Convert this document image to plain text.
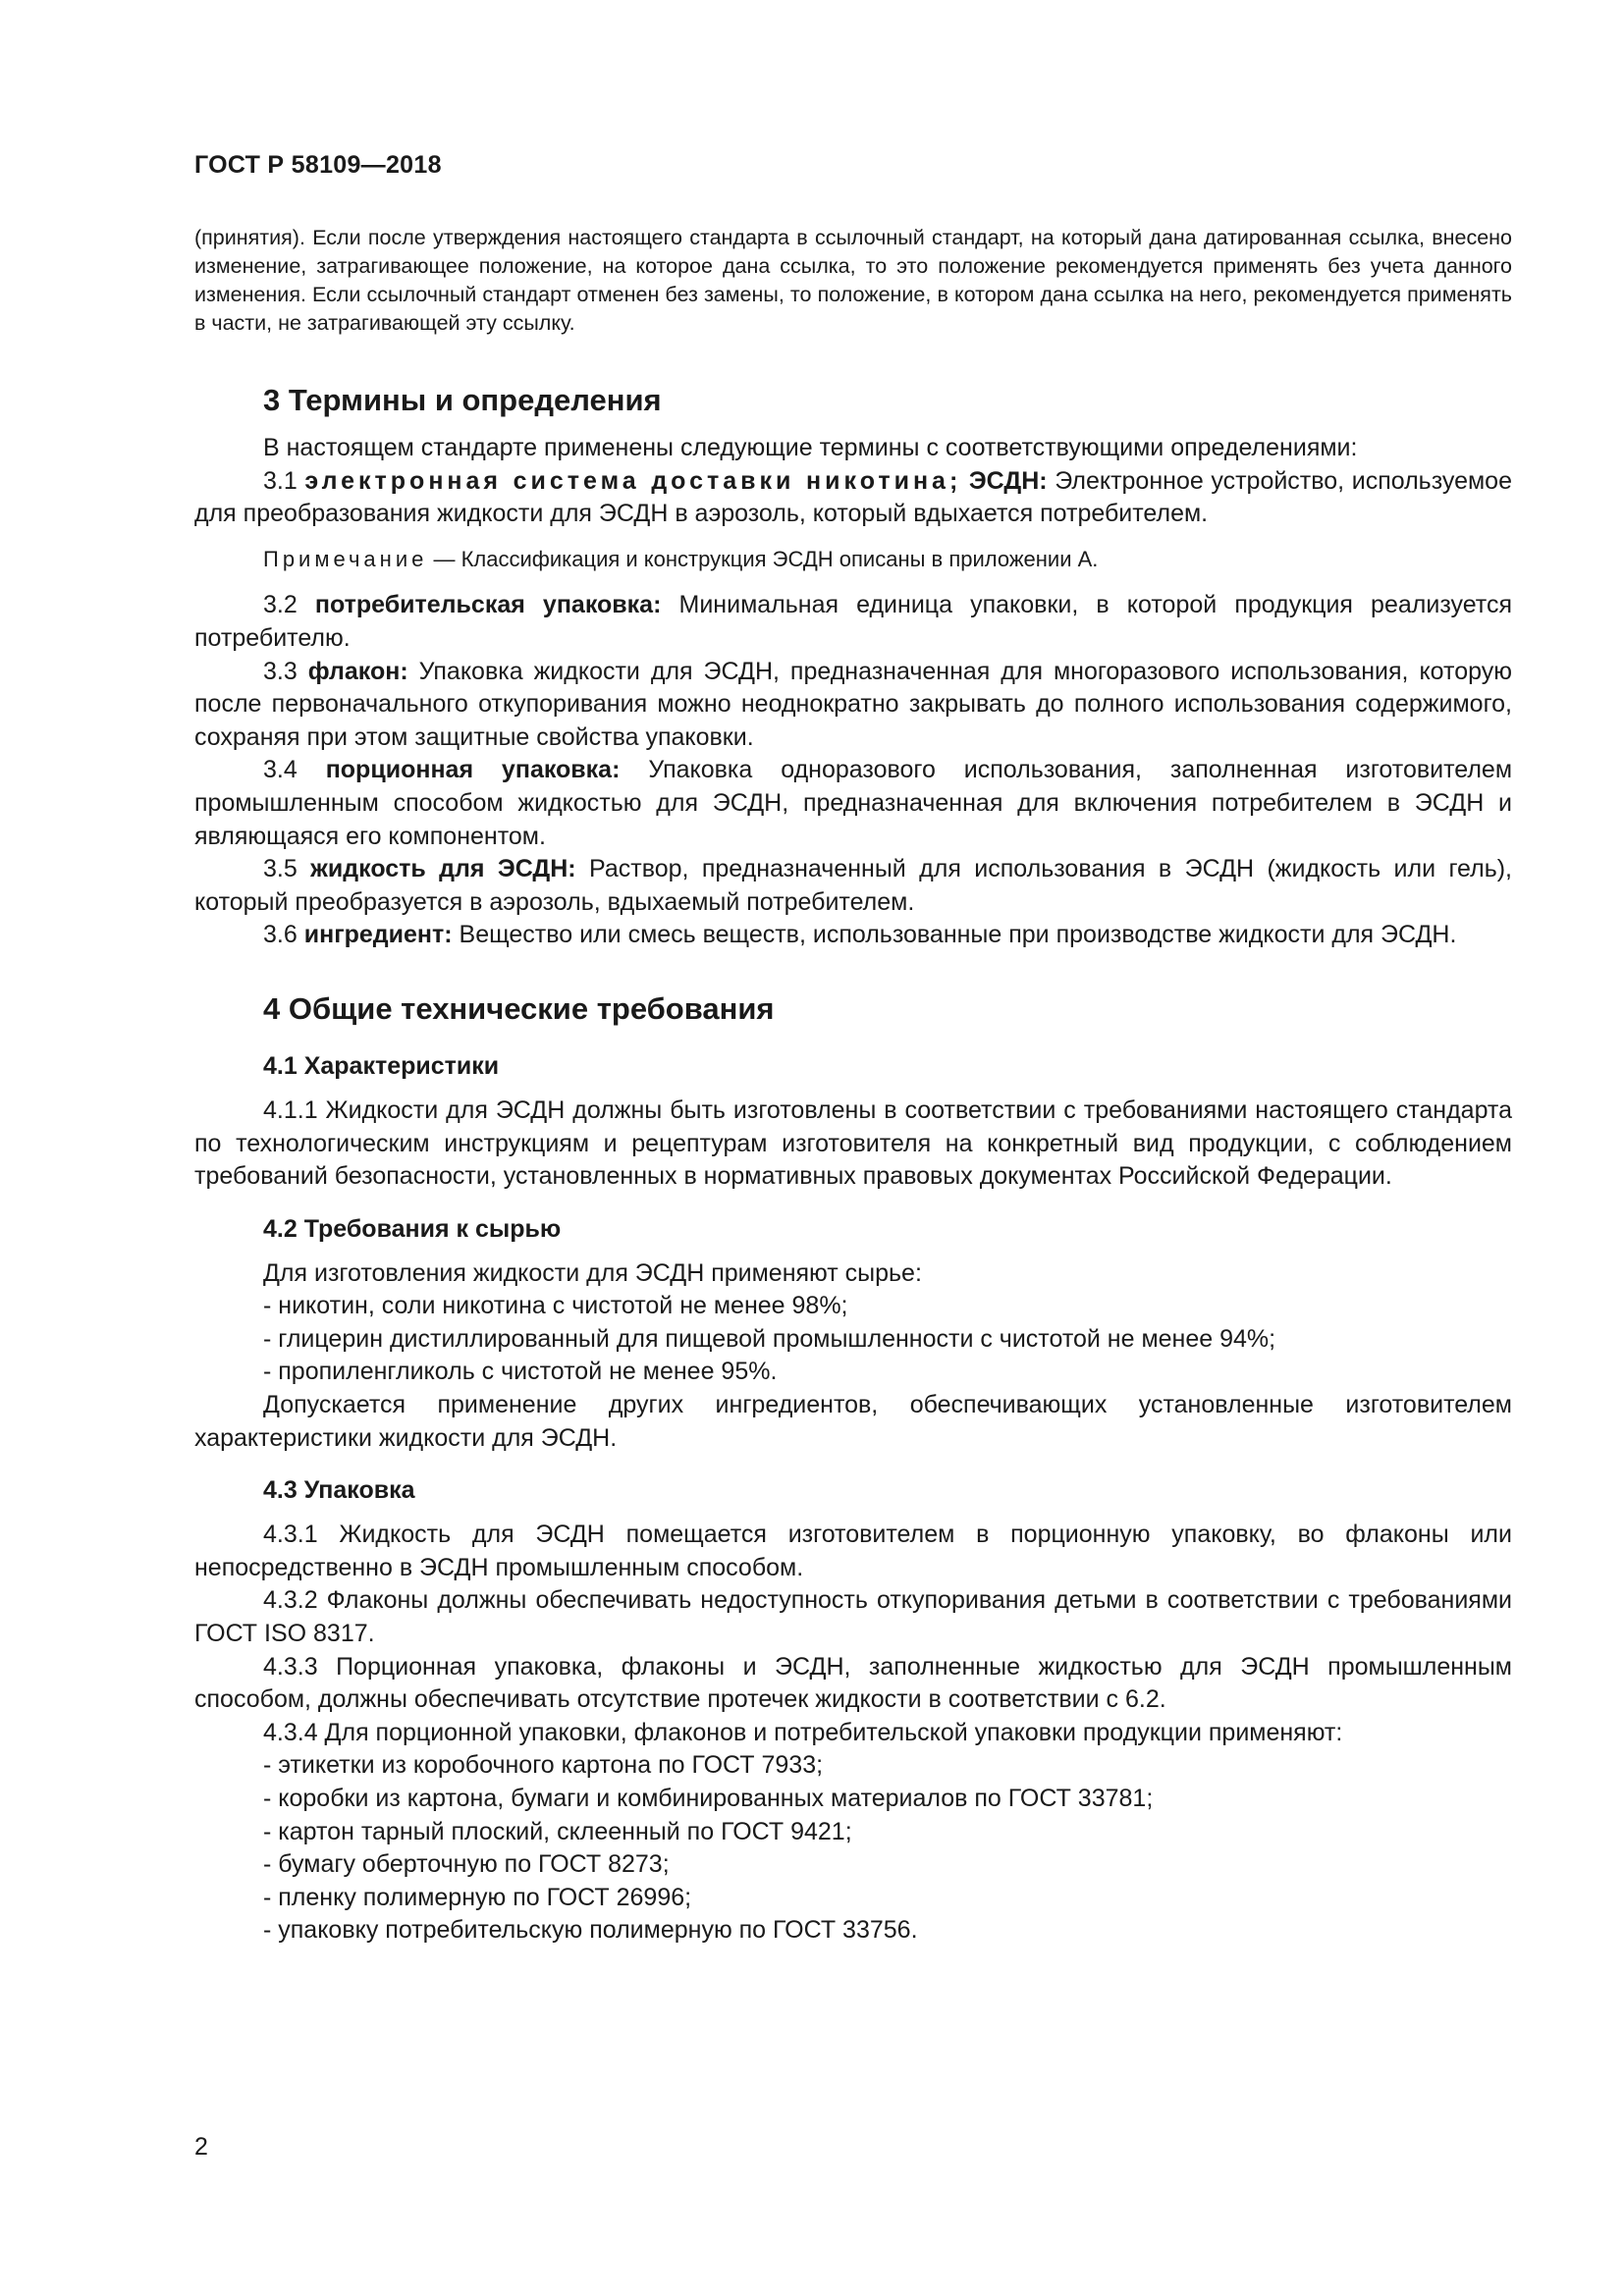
ГОСТ Р 58109—2018
(принятия). Если после утверждения настоящего стандарта в ссылочный стандарт, на который дана датированная ссылка, внесено изменение, затрагивающее положение, на которое дана ссылка, то это положение рекомендуется применять без учета данного изменения. Если ссылочный стандарт отменен без замены, то положение, в котором дана ссылка на него, рекомендуется применять в части, не затрагивающей эту ссылку.
3 Термины и определения

В настоящем стандарте применены следующие термины с соответствующими определениями:

3.1 электронная система доставки никотина; ЭСДН: Электронное устройство, используемое для преобразования жидкости для ЭСДН в аэрозоль, который вдыхается потребителем.

Примечание — Классификация и конструкция ЭСДН описаны в приложении А.

3.2 потребительская упаковка: Минимальная единица упаковки, в которой продукция реализуется потребителю.

3.3 флакон: Упаковка жидкости для ЭСДН, предназначенная для многоразового использования, которую после первоначального откупоривания можно неоднократно закрывать до полного использования содержимого, сохраняя при этом защитные свойства упаковки.

3.4 порционная упаковка: Упаковка одноразового использования, заполненная изготовителем промышленным способом жидкостью для ЭСДН, предназначенная для включения потребителем в ЭСДН и являющаяся его компонентом.

3.5 жидкость для ЭСДН: Раствор, предназначенный для использования в ЭСДН (жидкость или гель), который преобразуется в аэрозоль, вдыхаемый потребителем.

3.6 ингредиент: Вещество или смесь веществ, использованные при производстве жидкости для ЭСДН.

4 Общие технические требования
4.1 Характеристики

4.1.1 Жидкости для ЭСДН должны быть изготовлены в соответствии с требованиями настоящего стандарта по технологическим инструкциям и рецептурам изготовителя на конкретный вид продукции, с соблюдением требований безопасности, установленных в нормативных правовых документах Российской Федерации.

4.2 Требования к сырью

Для изготовления жидкости для ЭСДН применяют сырье:

- никотин, соли никотина с чистотой не менее 98%;

- глицерин дистиллированный для пищевой промышленности с чистотой не менее 94%;

- пропиленгликоль с чистотой не менее 95%.

Допускается применение других ингредиентов, обеспечивающих установленные изготовителем характеристики жидкости для ЭСДН.

4.3 Упаковка

4.3.1 Жидкость для ЭСДН помещается изготовителем в порционную упаковку, во флаконы или непосредственно в ЭСДН промышленным способом.

4.3.2 Флаконы должны обеспечивать недоступность откупоривания детьми в соответствии с требованиями ГОСТ ISO 8317.

4.3.3 Порционная упаковка, флаконы и ЭСДН, заполненные жидкостью для ЭСДН промышленным способом, должны обеспечивать отсутствие протечек жидкости в соответствии с 6.2.

4.3.4 Для порционной упаковки, флаконов и потребительской упаковки продукции применяют:

- этикетки из коробочного картона по ГОСТ 7933;

- коробки из картона, бумаги и комбинированных материалов по ГОСТ 33781;

- картон тарный плоский, склеенный по ГОСТ 9421;

- бумагу оберточную по ГОСТ 8273;

- пленку полимерную по ГОСТ 26996;

- упаковку потребительскую полимерную по ГОСТ 33756.

2
